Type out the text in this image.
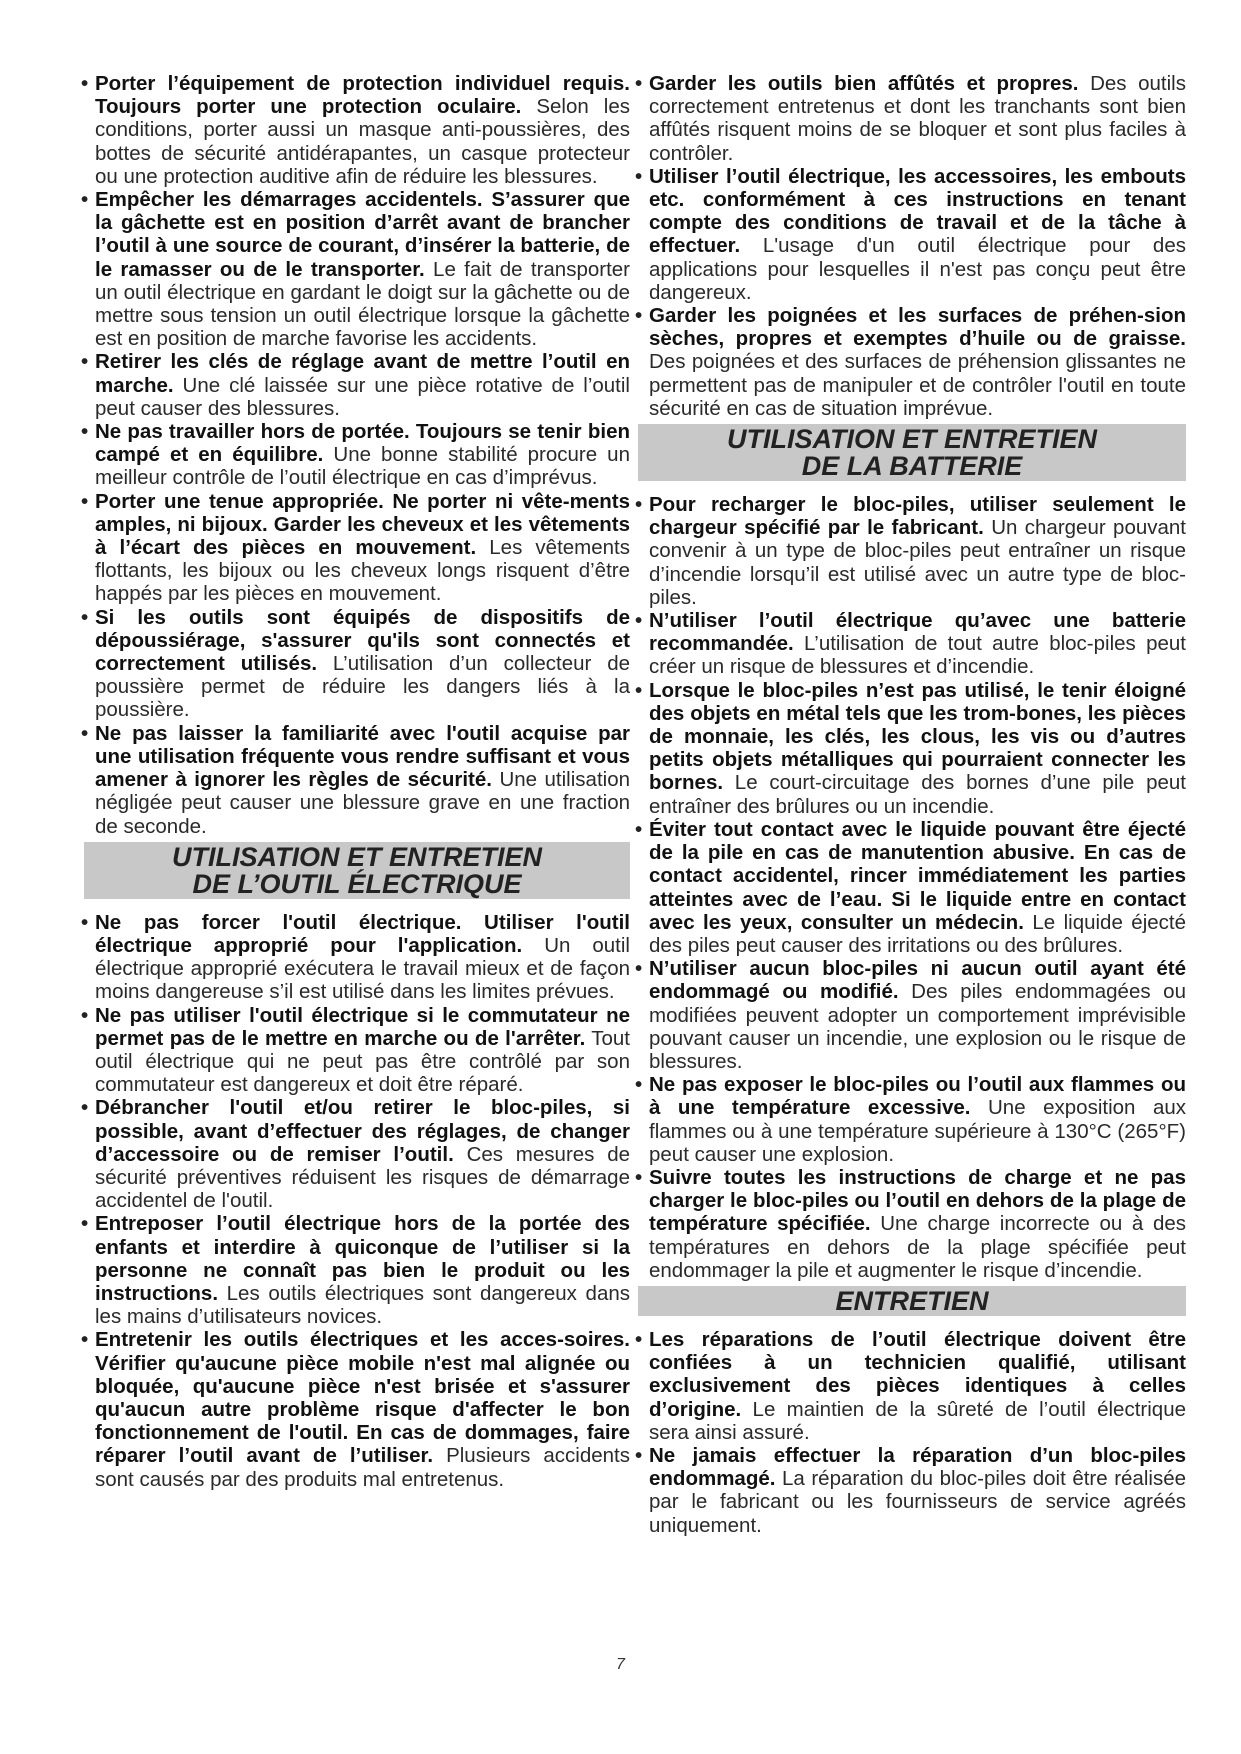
• Porter l’équipement de protection individuel requis. Toujours porter une protection oculaire. Selon les conditions, porter aussi un masque anti-poussières, des bottes de sécurité antidérapantes, un casque protecteur ou une protection auditive afin de réduire les blessures.

• Empêcher les démarrages accidentels. S’assurer que la gâchette est en position d’arrêt avant de brancher l’outil à une source de courant, d’insérer la batterie, de le ramasser ou de le transporter. Le fait de transporter un outil électrique en gardant le doigt sur la gâchette ou de mettre sous tension un outil électrique lorsque la gâchette est en position de marche favorise les accidents.

• Retirer les clés de réglage avant de mettre l’outil en marche. Une clé laissée sur une pièce rotative de l’outil peut causer des blessures.

• Ne pas travailler hors de portée. Toujours se tenir bien campé et en équilibre. Une bonne stabilité procure un meilleur contrôle de l’outil électrique en cas d’imprévus.

• Porter une tenue appropriée. Ne porter ni vête-ments amples, ni bijoux. Garder les cheveux et les vêtements à l’écart des pièces en mouvement. Les vêtements flottants, les bijoux ou les cheveux longs risquent d’être happés par les pièces en mouvement.

• Si les outils sont équipés de dispositifs de dépoussiérage, s'assurer qu'ils sont connectés et correctement utilisés. L’utilisation d’un collecteur de poussière permet de réduire les dangers liés à la poussière.

• Ne pas laisser la familiarité avec l'outil acquise par une utilisation fréquente vous rendre suffisant et vous amener à ignorer les règles de sécurité. Une utilisation négligée peut causer une blessure grave en une fraction de seconde.

UTILISATION ET ENTRETIEN
DE L’OUTIL ÉLECTRIQUE

• Ne pas forcer l'outil électrique. Utiliser l'outil électrique approprié pour l'application. Un outil électrique approprié exécutera le travail mieux et de façon moins dangereuse s’il est utilisé dans les limites prévues.

• Ne pas utiliser l'outil électrique si le commutateur ne permet pas de le mettre en marche ou de l'arrêter. Tout outil électrique qui ne peut pas être contrôlé par son commutateur est dangereux et doit être réparé.

• Débrancher l'outil et/ou retirer le bloc-piles, si possible, avant d’effectuer des réglages, de changer d’accessoire ou de remiser l’outil. Ces mesures de sécurité préventives réduisent les risques de démarrage accidentel de l'outil.

• Entreposer l’outil électrique hors de la portée des enfants et interdire à quiconque de l’utiliser si la personne ne connaît pas bien le produit ou les instructions. Les outils électriques sont dangereux dans les mains d’utilisateurs novices.

• Entretenir les outils électriques et les acces-soires. Vérifier qu'aucune pièce mobile n'est mal alignée ou bloquée, qu'aucune pièce n'est brisée et s'assurer qu'aucun autre problème risque d'affecter le bon fonctionnement de l'outil. En cas de dommages, faire réparer l’outil avant de l’utiliser. Plusieurs accidents sont causés par des produits mal entretenus.

• Garder les outils bien affûtés et propres. Des outils correctement entretenus et dont les tranchants sont bien affûtés risquent moins de se bloquer et sont plus faciles à contrôler.

• Utiliser l’outil électrique, les accessoires, les embouts etc. conformément à ces instructions en tenant compte des conditions de travail et de la tâche à effectuer. L'usage d'un outil électrique pour des applications pour lesquelles il n'est pas conçu peut être dangereux.

• Garder les poignées et les surfaces de préhen-sion sèches, propres et exemptes d’huile ou de graisse. Des poignées et des surfaces de préhension glissantes ne permettent pas de manipuler et de contrôler l'outil en toute sécurité en cas de situation imprévue.

UTILISATION ET ENTRETIEN
DE LA BATTERIE

• Pour recharger le bloc-piles, utiliser seulement le chargeur spécifié par le fabricant. Un chargeur pouvant convenir à un type de bloc-piles peut entraîner un risque d’incendie lorsqu’il est utilisé avec un autre type de bloc-piles.

• N’utiliser l’outil électrique qu’avec une batterie recommandée. L’utilisation de tout autre bloc-piles peut créer un risque de blessures et d’incendie.

• Lorsque le bloc-piles n’est pas utilisé, le tenir éloigné des objets en métal tels que les trom-bones, les pièces de monnaie, les clés, les clous, les vis ou d’autres petits objets métalliques qui pourraient connecter les bornes. Le court-circuitage des bornes d’une pile peut entraîner des brûlures ou un incendie.

• Éviter tout contact avec le liquide pouvant être éjecté de la pile en cas de manutention abusive. En cas de contact accidentel, rincer immédiatement les parties atteintes avec de l’eau. Si le liquide entre en contact avec les yeux, consulter un médecin. Le liquide éjecté des piles peut causer des irritations ou des brûlures.

• N’utiliser aucun bloc-piles ni aucun outil ayant été endommagé ou modifié. Des piles endommagées ou modifiées peuvent adopter un comportement imprévisible pouvant causer un incendie, une explosion ou le risque de blessures.

• Ne pas exposer le bloc-piles ou l’outil aux flammes ou à une température excessive. Une exposition aux flammes ou à une température supérieure à 130°C (265°F) peut causer une explosion.

• Suivre toutes les instructions de charge et ne pas charger le bloc-piles ou l’outil en dehors de la plage de température spécifiée. Une charge incorrecte ou à des températures en dehors de la plage spécifiée peut endommager la pile et augmenter le risque d’incendie.

ENTRETIEN

• Les réparations de l’outil électrique doivent être confiées à un technicien qualifié, utilisant exclusivement des pièces identiques à celles d’origine. Le maintien de la sûreté de l’outil électrique sera ainsi assuré.

• Ne jamais effectuer la réparation d’un bloc-piles endommagé. La réparation du bloc-piles doit être réalisée par le fabricant ou les fournisseurs de service agréés uniquement.

7
